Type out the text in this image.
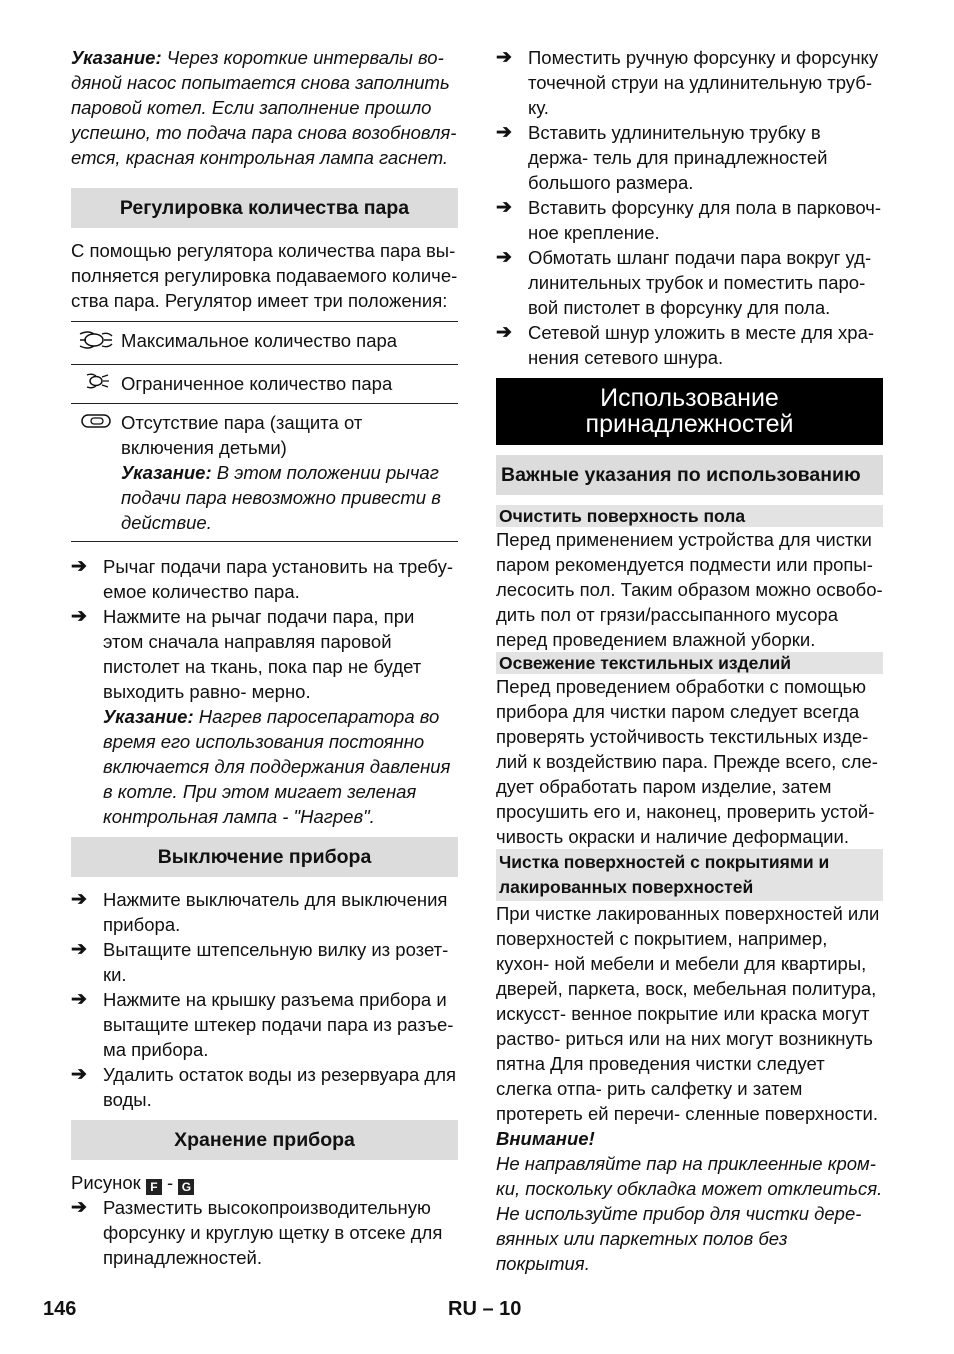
Указание: Через короткие интервалы во- дяной насос попытается снова заполнить паровой котел. Если заполнение прошло успешно, то подача пара снова возобновля- ется, красная контрольная лампа гаснет.

Регулировка количества пара

С помощью регулятора количества пара вы- полняется регулировка подаваемого количе- ства пара. Регулятор имеет три положения:

	Максимальное количество пара
	Ограниченное количество пара

Отсутствие пара (защита от включения детьми)
Указание: В этом положении рычаг подачи пара невозможно привести в действие.
➔ Рычаг подачи пара установить на требу- емое количество пара.
➔ Нажмите на рычаг подачи пара, при этом сначала направляя паровой пистолет на ткань, пока пар не будет выходить равно- мерно.
Указание: Нагрев паросепаратора во время его использования постоянно включается для поддержания давления в котле. При этом мигает зеленая контрольная лампа - "Нагрев".
Выключение прибора
➔ Нажмите выключатель для выключения прибора.
➔ Вытащите штепсельную вилку из розет- ки.
➔ Нажмите на крышку разъема прибора и вытащите штекер подачи пара из разъе- ма прибора.
➔ Удалить остаток воды из резервуара для воды.
Хранение прибора

Рисунок F - G

➔ Разместить высокопроизводительную форсунку и круглую щетку в отсеке для принадлежностей.
➔ Поместить ручную форсунку и форсунку точечной струи на удлинительную труб- ку.
➔ Вставить удлинительную трубку в держа- тель для принадлежностей большого размера.
➔ Вставить форсунку для пола в парковоч- ное крепление.
➔ Обмотать шланг подачи пара вокруг уд- линительных трубок и поместить паро- вой пистолет в форсунку для пола.
➔ Сетевой шнур уложить в месте для хра- нения сетевого шнура.
Использование
принадлежностей
Важные указания по использованию
Очистить поверхность пола

Перед применением устройства для чистки паром рекомендуется подмести или пропы- лесосить пол. Таким образом можно освобо- дить пол от грязи/рассыпанного мусора перед проведением влажной уборки.

Освежение текстильных изделий

Перед проведением обработки с помощью прибора для чистки паром следует всегда проверять устойчивость текстильных изде- лий к воздействию пара. Прежде всего, сле- дует обработать паром изделие, затем просушить его и, наконец, проверить устой- чивость окраски и наличие деформации.

Чистка поверхностей с покрытиями и лакированных поверхностей

При чистке лакированных поверхностей или поверхностей с покрытием, например, кухон- ной мебели и мебели для квартиры, дверей, паркета, воск, мебельная политура, искусст- венное покрытие или краска могут раство- риться или на них могут возникнуть пятна Для проведения чистки следует слегка отпа- рить салфетку и затем протереть ей перечи- сленные поверхности.

Внимание!

Не направляйте пар на приклеенные кром- ки, поскольку обкладка может отклеиться. Не используйте прибор для чистки дере- вянных или паркетных полов без покрытия.

146	RU – 10
